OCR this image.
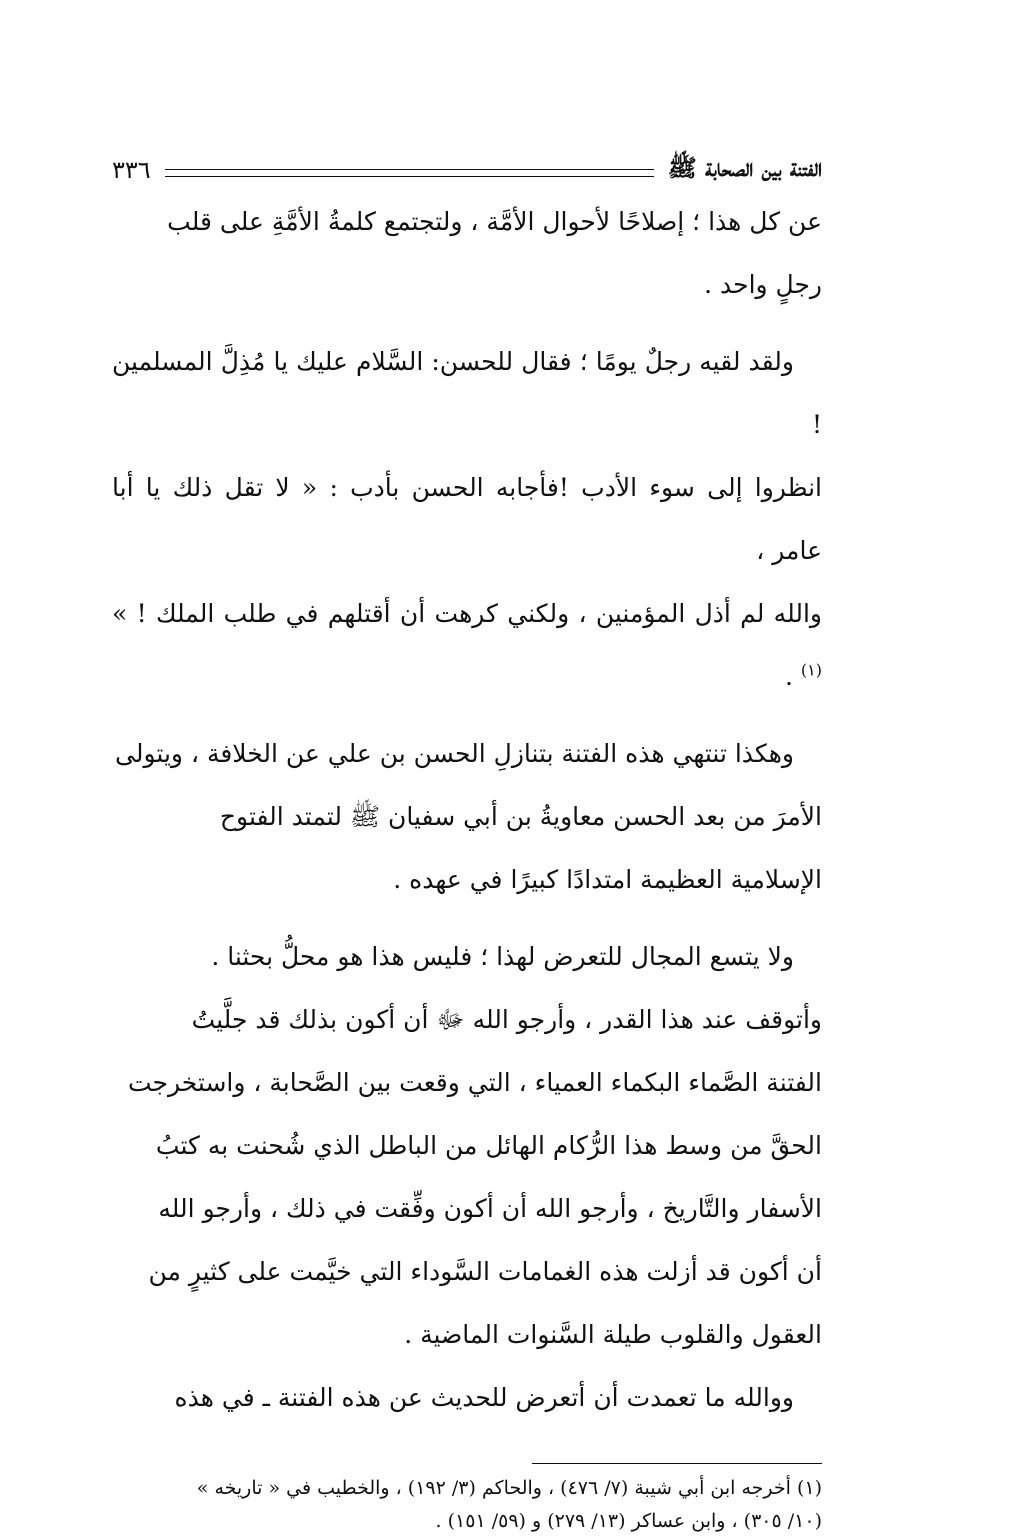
الفتنة بين الصحابة ﷺ
٣٣٦

عن كل هذا ؛ إصلاحًا لأحوال الأمَّة ، ولتجتمع كلمةُ الأمَّةِ على قلب

رجلٍ واحد .

ولقد لقيه رجلٌ يومًا ؛ فقال للحسن: السَّلام عليك يا مُذِلَّ المسلمين !

انظروا إلى سوء الأدب !فأجابه الحسن بأدب : « لا تقل ذلك يا أبا عامر ،

والله لم أذل المؤمنين ، ولكني كرهت أن أقتلهم في طلب الملك ! » $^{(١)}$ .

وهكذا تنتهي هذه الفتنة بتنازلِ الحسن بن علي عن الخلافة ، ويتولى

الأمرَ من بعد الحسن معاويةُ بن أبي سفيان ﷺ لتمتد الفتوح

الإسلامية العظيمة امتدادًا كبيرًا في عهده .

ولا يتسع المجال للتعرض لهذا ؛ فليس هذا هو محلُّ بحثنا .

وأتوقف عند هذا القدر ، وأرجو الله ﷻ أن أكون بذلك قد جلَّيتُ

الفتنة الصَّماء البكماء العمياء ، التي وقعت بين الصَّحابة ، واستخرجت

الحقَّ من وسط هذا الرُّكام الهائل من الباطل الذي شُحنت به كتبُ

الأسفار والتَّاريخ ، وأرجو الله أن أكون وفِّقت في ذلك ، وأرجو الله

أن أكون قد أزلت هذه الغمامات السَّوداء التي خيَّمت على كثيرٍ من

العقول والقلوب طيلة السَّنوات الماضية .

ووالله ما تعمدت أن أتعرض للحديث عن هذه الفتنة ـ في هذه

(١) أخرجه ابن أبي شيبة (٧/ ٤٧٦) ، والحاكم (٣/ ١٩٢) ، والخطيب في « تاريخه »

(١٠/ ٣٠٥) ، وابن عساكر (١٣/ ٢٧٩) و (٥٩/ ١٥١) .
